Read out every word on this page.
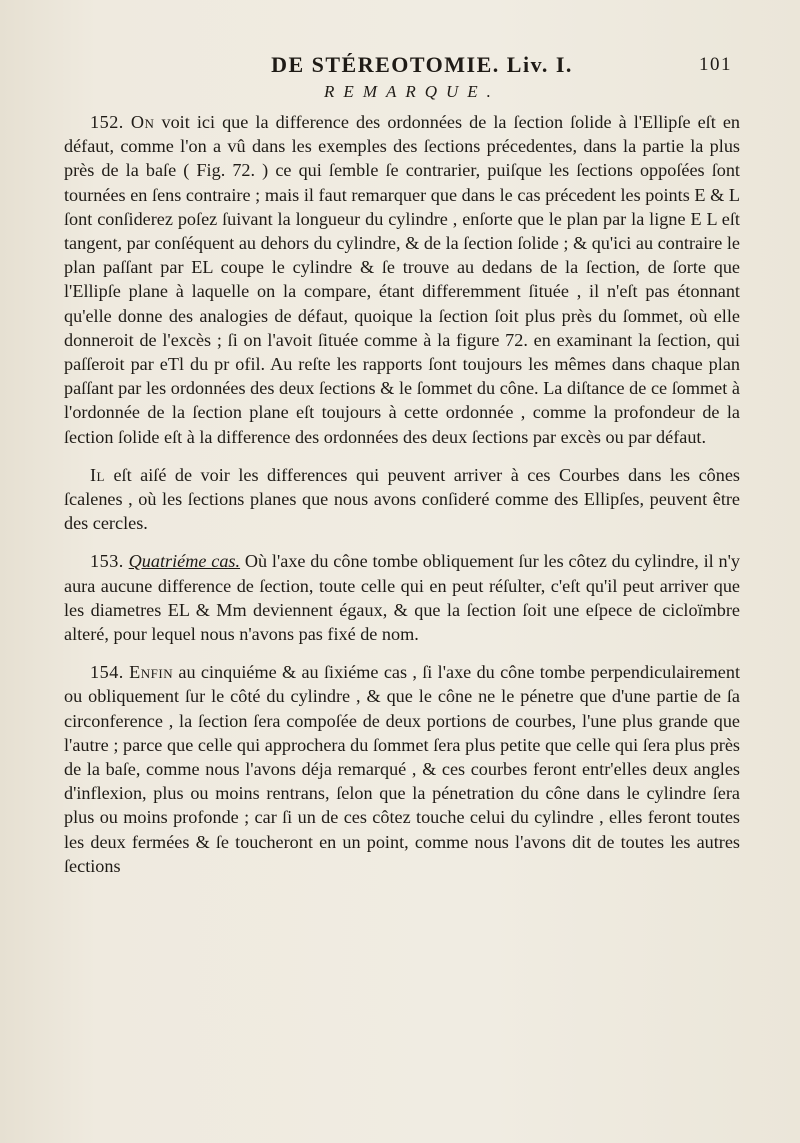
DE STÉREOTOMIE. Liv. I.	101
REMARQUE.

152. On voit ici que la difference des ordonnées de la ſection ſolide à l'Ellipſe eſt en défaut, comme l'on a vû dans les exemples des ſections précedentes, dans la partie la plus près de la baſe ( Fig. 72. ) ce qui ſemble ſe contrarier, puiſque les ſections oppoſées ſont tournées en ſens contraire ; mais il faut remarquer que dans le cas précedent les points E & L ſont conſiderez poſez ſuivant la longueur du cylindre , enſorte que le plan par la ligne E L eſt tangent, par conſéquent au dehors du cylindre, & de la ſection ſolide ; & qu'ici au contraire le plan paſſant par EL coupe le cylindre & ſe trouve au dedans de la ſection, de ſorte que l'Ellipſe plane à laquelle on la compare, étant differemment ſituée , il n'eſt pas étonnant qu'elle donne des analogies de défaut, quoique la ſection ſoit plus près du ſommet, où elle donneroit de l'excès ; ſi on l'avoit ſituée comme à la figure 72. en examinant la ſection, qui paſſeroit par eTl du pr ofil. Au reſte les rapports ſont toujours les mêmes dans chaque plan paſſant par les ordonnées des deux ſections & le ſommet du cône. La diſtance de ce ſommet à l'ordonnée de la ſection plane eſt toujours à cette ordonnée , comme la profondeur de la ſection ſolide eſt à la difference des ordonnées des deux ſections par excès ou par défaut.

Il eſt aiſé de voir les differences qui peuvent arriver à ces Courbes dans les cônes ſcalenes , où les ſections planes que nous avons conſideré comme des Ellipſes, peuvent être des cercles.

153. Quatriéme cas. Où l'axe du cône tombe obliquement ſur les côtez du cylindre, il n'y aura aucune difference de ſection, toute celle qui en peut réſulter, c'eſt qu'il peut arriver que les diametres EL & Mm deviennent égaux, & que la ſection ſoit une eſpece de cicloïmbre alteré, pour lequel nous n'avons pas fixé de nom.

154. Enfin au cinquiéme & au ſixiéme cas , ſi l'axe du cône tombe perpendiculairement ou obliquement ſur le côté du cylindre , & que le cône ne le pénetre que d'une partie de ſa circonference , la ſection ſera compoſée de deux portions de courbes, l'une plus grande que l'autre ; parce que celle qui approchera du ſommet ſera plus petite que celle qui ſera plus près de la baſe, comme nous l'avons déja remarqué , & ces courbes feront entr'elles deux angles d'inflexion, plus ou moins rentrans, ſelon que la pénetration du cône dans le cylindre ſera plus ou moins profonde ; car ſi un de ces côtez touche celui du cylindre , elles feront toutes les deux fermées & ſe toucheront en un point, comme nous l'avons dit de toutes les autres ſections
